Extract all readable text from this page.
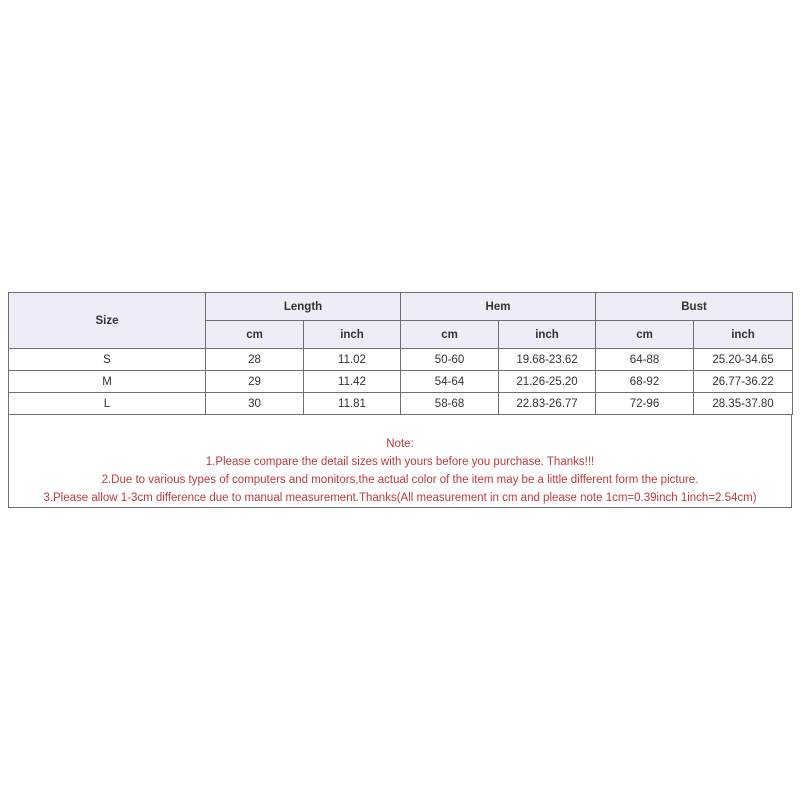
Size	Length		Hem		Bust	
	cm	inch	cm	inch	cm	inch
S	28	11.02	50-60	19.68-23.62	64-88	25.20-34.65
M	29	11.42	54-64	21.26-25.20	68-92	26.77-36.22
L	30	11.81	58-68	22.83-26.77	72-96	28.35-37.80
Note:
1.Please compare the detail sizes with yours before you purchase. Thanks!!!
2.Due to various types of computers and monitors,the actual color of the item may be a little different form the picture.
3.Please allow 1-3cm difference due to manual measurement.Thanks(All measurement in cm and please note 1cm=0.39inch 1inch=2.54cm)
